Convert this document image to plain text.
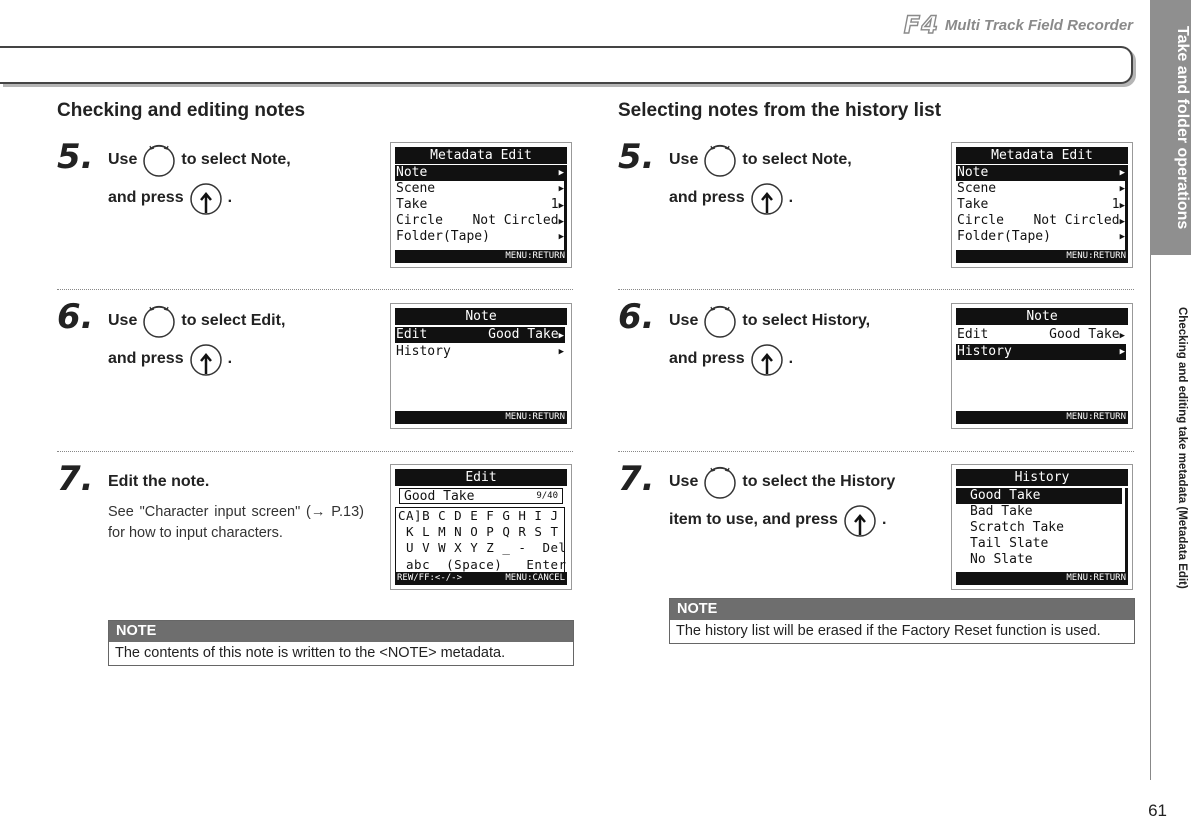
F4 Multi Track Field Recorder
Take and folder operations
Checking and editing take metadata (Metadata Edit)
61
Checking and editing notes
5. Use	to select Note,
and press	.
Metadata Edit
Note	▶
Scene	▶
Take	1▶
Circle Not Circled▶
Folder(Tape)	▶
MENU:RETURN
6. Use	to select Edit,
and press	.
Note
Edit	Good Take▶
History	▶
MENU:RETURN
7. Edit the note.
See "Character input screen" (→ P.13) for how to input characters.
Edit
Good Take	9/40
CA]B C D E F G H I J
K L M N O P Q R S T
U V W X Y Z _ -  Del
abc  (Space)   Enter
REW/FF:<-/->	MENU:CANCEL
NOTE
The contents of this note is written to the <NOTE> metadata.
Selecting notes from the history list
5. Use	to select Note,
and press	.
Metadata Edit
Note	▶
Scene	▶
Take	1▶
Circle Not Circled▶
Folder(Tape)	▶
MENU:RETURN
6. Use	to select History,
and press	.
Note
Edit	Good Take▶
History	▶
MENU:RETURN
7. Use	to select the History
item to use, and press	.
History
Good Take
Bad Take
Scratch Take
Tail Slate
No Slate
MENU:RETURN
NOTE
The history list will be erased if the Factory Reset function is used.
